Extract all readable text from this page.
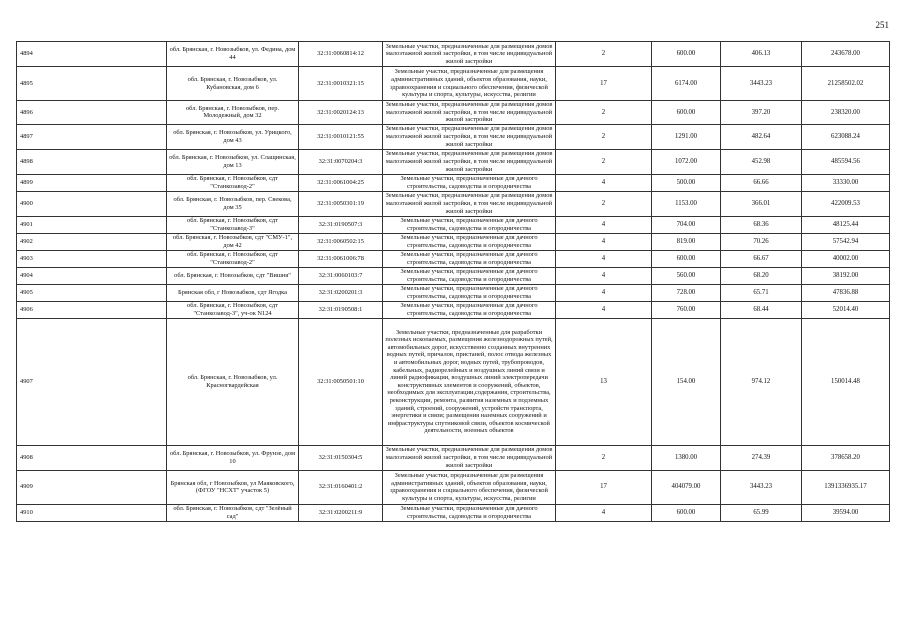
251
4894	обл. Брянская, г. Новозыбков, ул. Федина, дом 44	32:31:0060814:12	Земельные участки, предназначенные для размещения домов малоэтажной жилой застройки, в том числе индивидуальной жилой застройки	2	600.00	406.13	243678.00
4895	обл. Брянская, г. Новозыбков, ул. Кубановская, дом 6	32:31:0010321:15	Земельные участки, предназначенные для размещения административных зданий, объектов образования, науки, здравоохранения и социального обеспечения, физической культуры и спорта, культуры, искусства, религии	17	6174.00	3443.23	21258502.02
4896	обл. Брянская, г. Новозыбков, пер. Молодежный, дом 32	32:31:0020124:13	Земельные участки, предназначенные для размещения домов малоэтажной жилой застройки, в том числе индивидуальной жилой застройки	2	600.00	397.20	238320.00
4897	обл. Брянская, г. Новозыбков, ул. Урицкого, дом 43	32:31:0010121:55	Земельные участки, предназначенные для размещения домов малоэтажной жилой застройки, в том числе индивидуальной жилой застройки	2	1291.00	482.64	623088.24
4898	обл. Брянская, г. Новозыбков, ул. Слащинская, дом 13	32:31:0070204:3	Земельные участки, предназначенные для размещения домов малоэтажной жилой застройки, в том числе индивидуальной жилой застройки	2	1072.00	452.98	485594.56
4899	обл. Брянская, г. Новозыбков, сдт "Станкозавод-2"	32:31:0061004:25	Земельные участки, предназначенные для дачного строительства, садоводства и огородничества	4	500.00	66.66	33330.00
4900	обл. Брянская, г. Новозыбков, пер. Свекова, дом 35	32:31:0050301:19	Земельные участки, предназначенные для размещения домов малоэтажной жилой застройки, в том числе индивидуальной жилой застройки	2	1153.00	366.01	422009.53
4901	обл. Брянская, г. Новозыбков, сдт "Станкозавод-3"	32:31:0190507:3	Земельные участки, предназначенные для дачного строительства, садоводства и огородничества	4	704.00	68.36	48125.44
4902	обл. Брянская, г. Новозыбков, сдт "СМУ-1", дом 42	32:31:0060502:15	Земельные участки, предназначенные для дачного строительства, садоводства и огородничества	4	819.00	70.26	57542.94
4903	обл. Брянская, г. Новозыбков, сдт "Станкозавод-2"	32:31:0061006:78	Земельные участки, предназначенные для дачного строительства, садоводства и огородничества	4	600.00	66.67	40002.00
4904	обл. Брянская, г. Новозыбков, сдт "Вишня"	32:31:0060103:7	Земельные участки, предназначенные для дачного строительства, садоводства и огородничества	4	560.00	68.20	38192.00
4905	Брянская обл, г Новозыбков, сдт Ягодка	32:31:0200201:3	Земельные участки, предназначенные для дачного строительства, садоводства и огородничества	4	728.00	65.71	47836.88
4906	обл. Брянская, г. Новозыбков, сдт "Станкозавод-3", уч-ок N124	32:31:0190508:1	Земельные участки, предназначенные для дачного строительства, садоводства и огородничества	4	760.00	68.44	52014.40
4907	обл. Брянская, г. Новозыбков, ул. Красногвардейская	32:31:0050501:10	Земельные участки, предназначенные для разработки полезных ископаемых, размещения железнодорожных путей, автомобильных дорог, искусственно созданных внутренних водных путей, причалов, пристаней, полос отвода железных и автомобильных дорог, водных путей, трубопроводов, кабельных, радиорелейных и воздушных линий связи и линий радиофикации, воздушных линий электропередачи конструктивных элементов и сооружений, объектов, необходимых для эксплуатации,содержания, строительства, реконструкции, ремонта, развития наземных и подземных зданий, строений, сооружений, устройств транспорта, энергетики и связи; размещения наземных сооружений и инфраструктуры спутниковой связи, объектов космической деятельности, военных объектов	13	154.00	974.12	150014.48
4908	обл. Брянская, г. Новозыбков, ул. Фрунзе, дом 10	32:31:0150304:5	Земельные участки, предназначенные для размещения домов малоэтажной жилой застройки, в том числе индивидуальной жилой застройки	2	1380.00	274.39	378658.20
4909	Брянская обл, г Новозыбков, ул Маяковского, (ФГОУ "НСХТ" участок 5)	32:31:0160401:2	Земельные участки, предназначенные для размещения административных зданий, объектов образования, науки, здравоохранения и социального обеспечения, физической культуры и спорта, культуры, искусства, религии	17	404079.00	3443.23	1391336935.17
4910	обл. Брянская, г. Новозыбков, сдт "Зелёный сад"	32:31:0200211:9	Земельные участки, предназначенные для дачного строительства, садоводства и огородничества	4	600.00	65.99	39594.00
